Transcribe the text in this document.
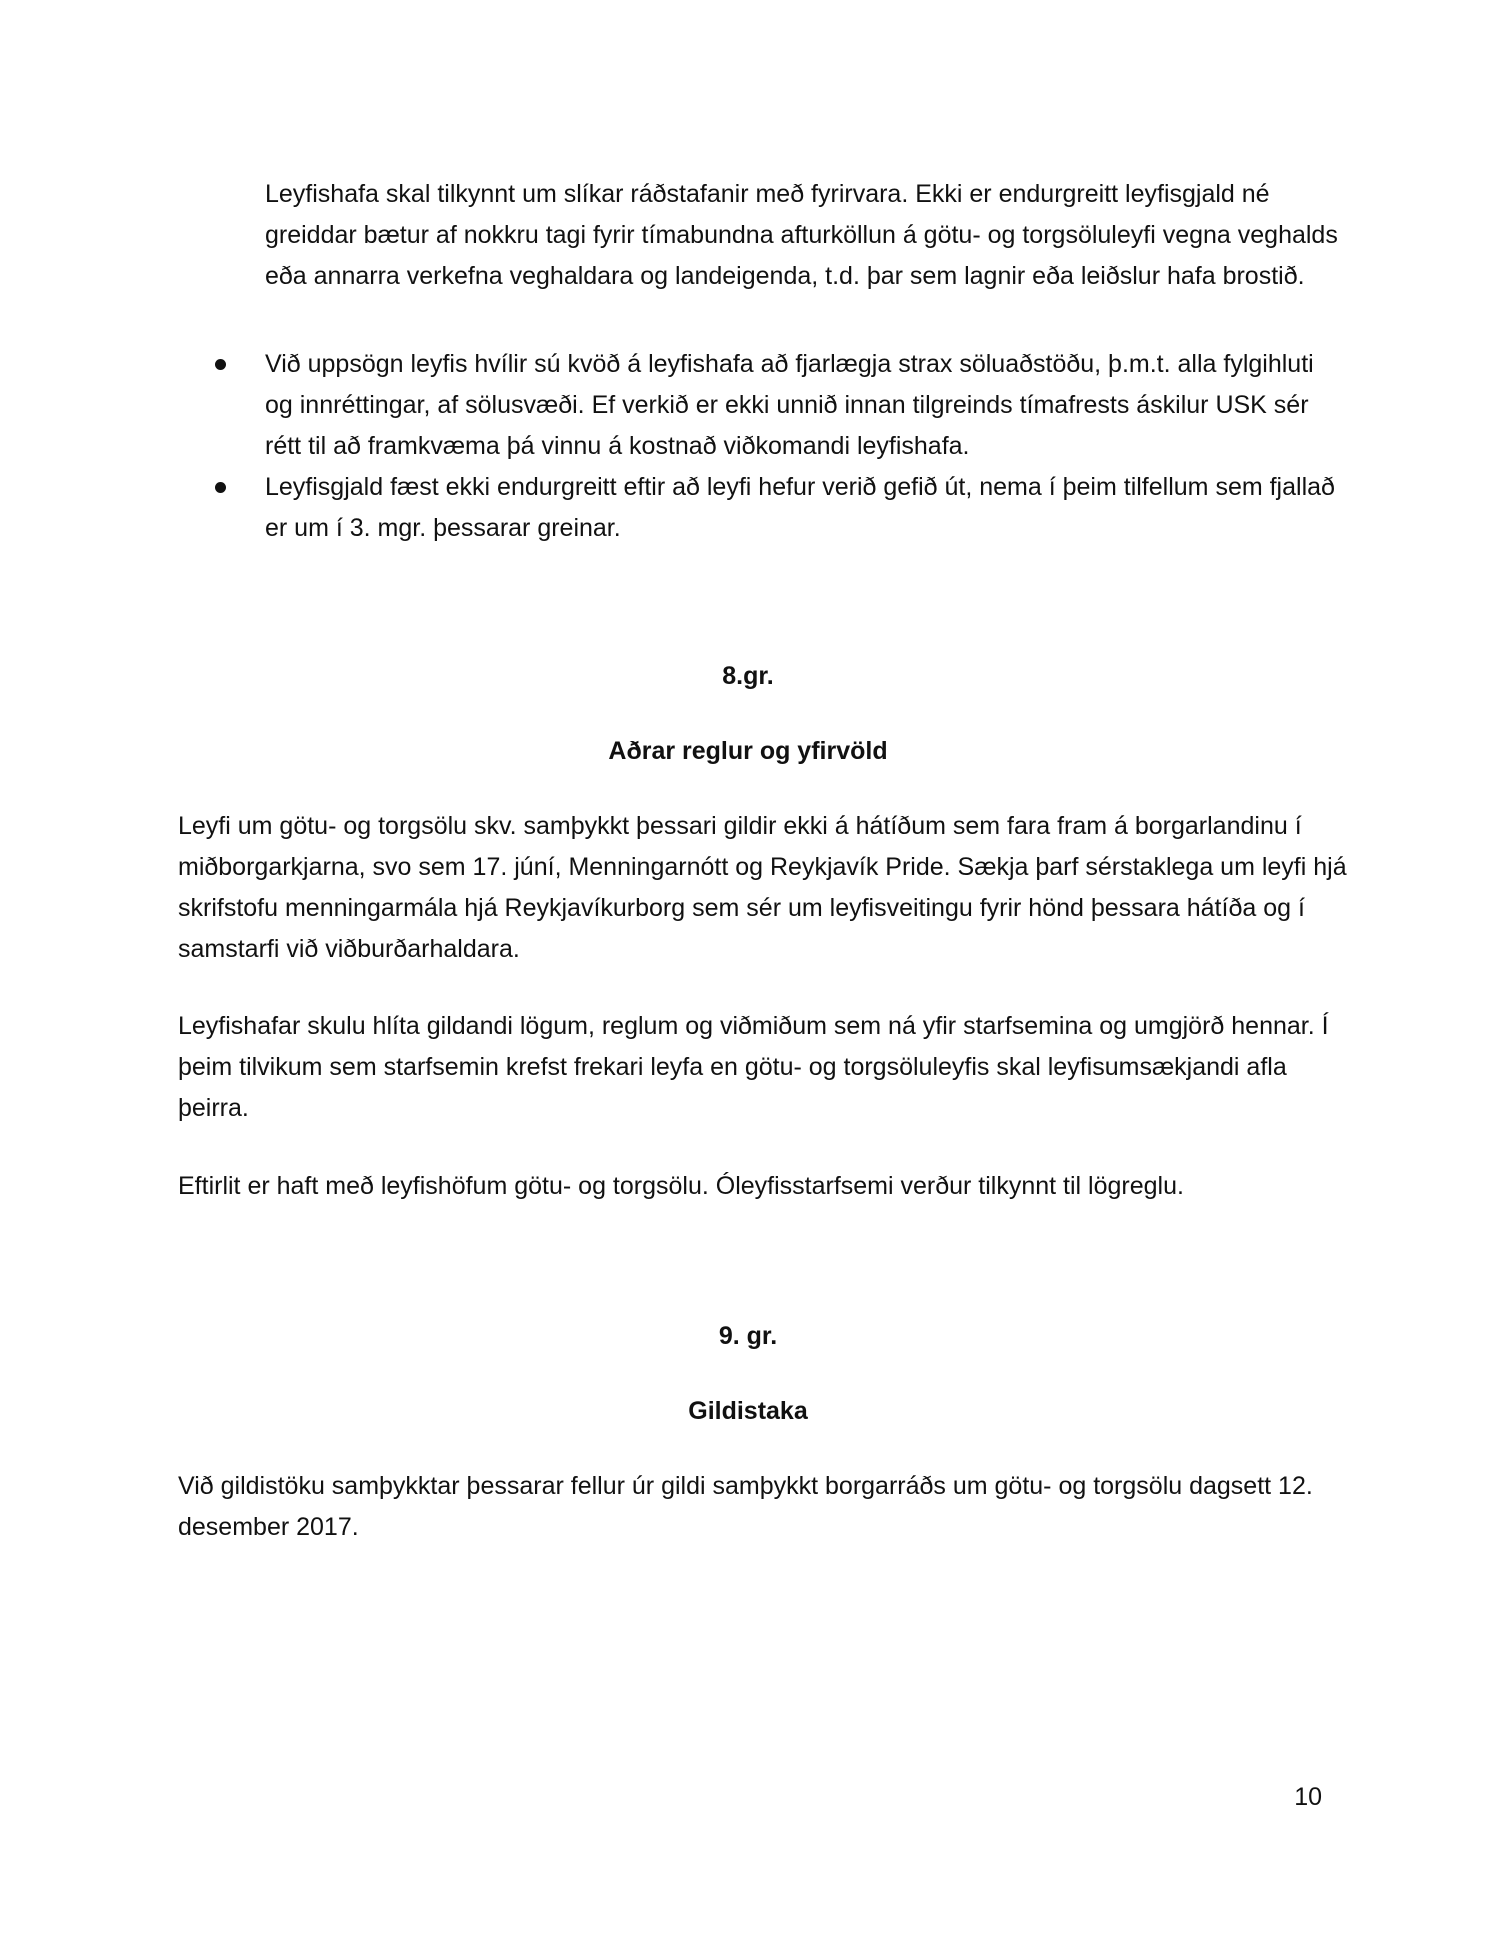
Leyfishafa skal tilkynnt um slíkar ráðstafanir með fyrirvara. Ekki er endurgreitt leyfisgjald né greiddar bætur af nokkru tagi fyrir tímabundna afturköllun á götu- og torgsöluleyfi vegna veghalds eða annarra verkefna veghaldara og landeigenda, t.d. þar sem lagnir eða leiðslur hafa brostið.

Við uppsögn leyfis hvílir sú kvöð á leyfishafa að fjarlægja strax söluaðstöðu, þ.m.t. alla fylgihluti og innréttingar, af sölusvæði. Ef verkið er ekki unnið innan tilgreinds tímafrests áskilur USK sér rétt til að framkvæma þá vinnu á kostnað viðkomandi leyfishafa.
Leyfisgjald fæst ekki endurgreitt eftir að leyfi hefur verið gefið út, nema í þeim tilfellum sem fjallað er um í 3. mgr. þessarar greinar.

8.gr.

Aðrar reglur og yfirvöld

Leyfi um götu- og torgsölu skv. samþykkt þessari gildir ekki á hátíðum sem fara fram á borgarlandinu í miðborgarkjarna, svo sem 17. júní, Menningarnótt og Reykjavík Pride. Sækja þarf sérstaklega um leyfi hjá skrifstofu menningarmála hjá Reykjavíkurborg sem sér um leyfisveitingu fyrir hönd þessara hátíða og í samstarfi við viðburðarhaldara.

Leyfishafar skulu hlíta gildandi lögum, reglum og viðmiðum sem ná yfir starfsemina og umgjörð hennar. Í þeim tilvikum sem starfsemin krefst frekari leyfa en götu- og torgsöluleyfis skal leyfisumsækjandi afla þeirra.

Eftirlit er haft með leyfishöfum götu- og torgsölu. Óleyfisstarfsemi verður tilkynnt til lögreglu.

9. gr.

Gildistaka

Við gildistöku samþykktar þessarar fellur úr gildi samþykkt borgarráðs um götu- og torgsölu dagsett 12. desember 2017.

10
